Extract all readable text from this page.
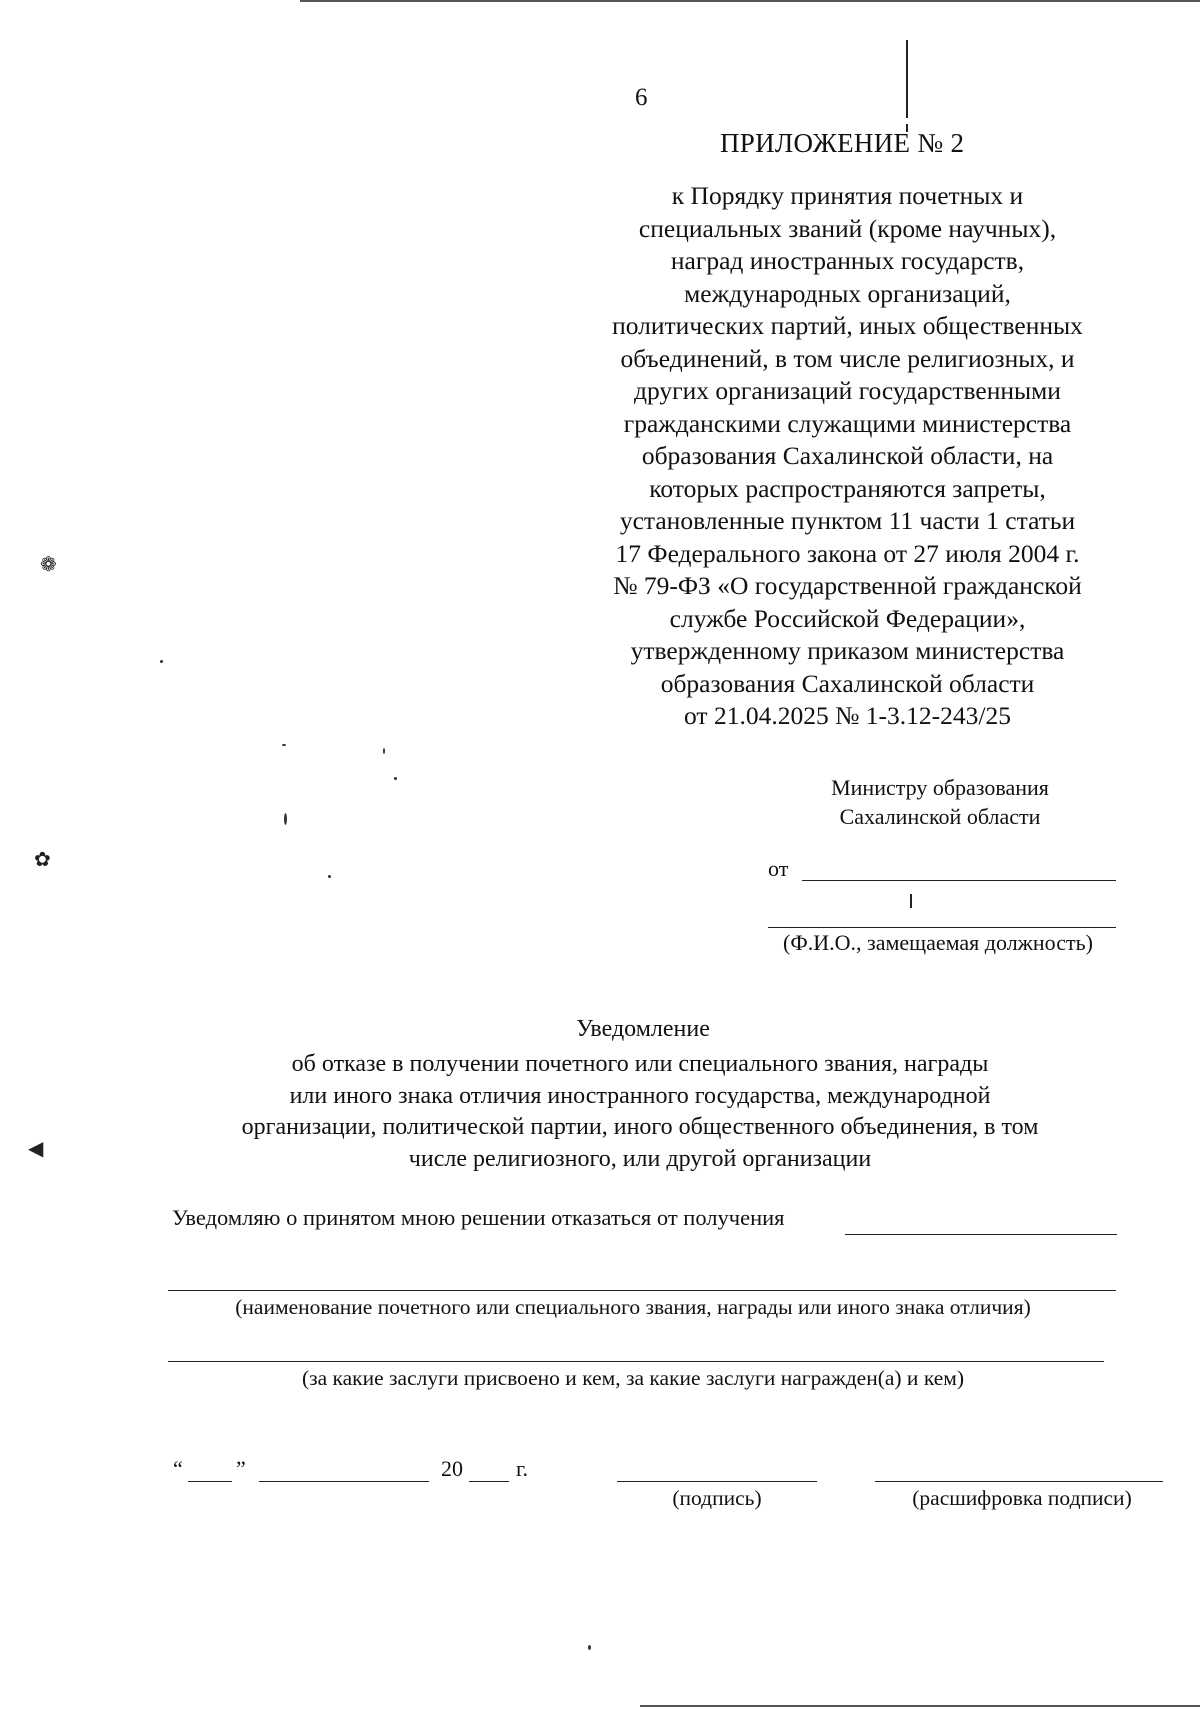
❁
✿
◀
6
ПРИЛОЖЕНИЕ № 2
к Порядку принятия почетных и
специальных званий (кроме научных),
наград иностранных государств,
международных организаций,
политических партий, иных общественных
объединений, в том числе религиозных, и
других организаций государственными
гражданскими служащими министерства
образования Сахалинской области, на
которых распространяются запреты,
установленные пунктом 11 части 1 статьи
17 Федерального закона от 27 июля 2004 г.
№ 79-ФЗ «О государственной гражданской
службе Российской Федерации»,
утвержденному приказом министерства
образования Сахалинской области
от 21.04.2025 № 1-3.12-243/25
Министру образования
Сахалинской области
от
(Ф.И.О., замещаемая должность)
Уведомление
об отказе в получении почетного или специального звания, награды
или иного знака отличия иностранного государства, международной
организации, политической партии, иного общественного объединения, в том
числе религиозного, или другой организации
Уведомляю о принятом мною решении отказаться от получения
(наименование почетного или специального звания, награды или иного знака отличия)
(за какие заслуги присвоено и кем, за какие заслуги награжден(а) и кем)
“ ”	20 г.
(подпись)	(расшифровка подписи)
